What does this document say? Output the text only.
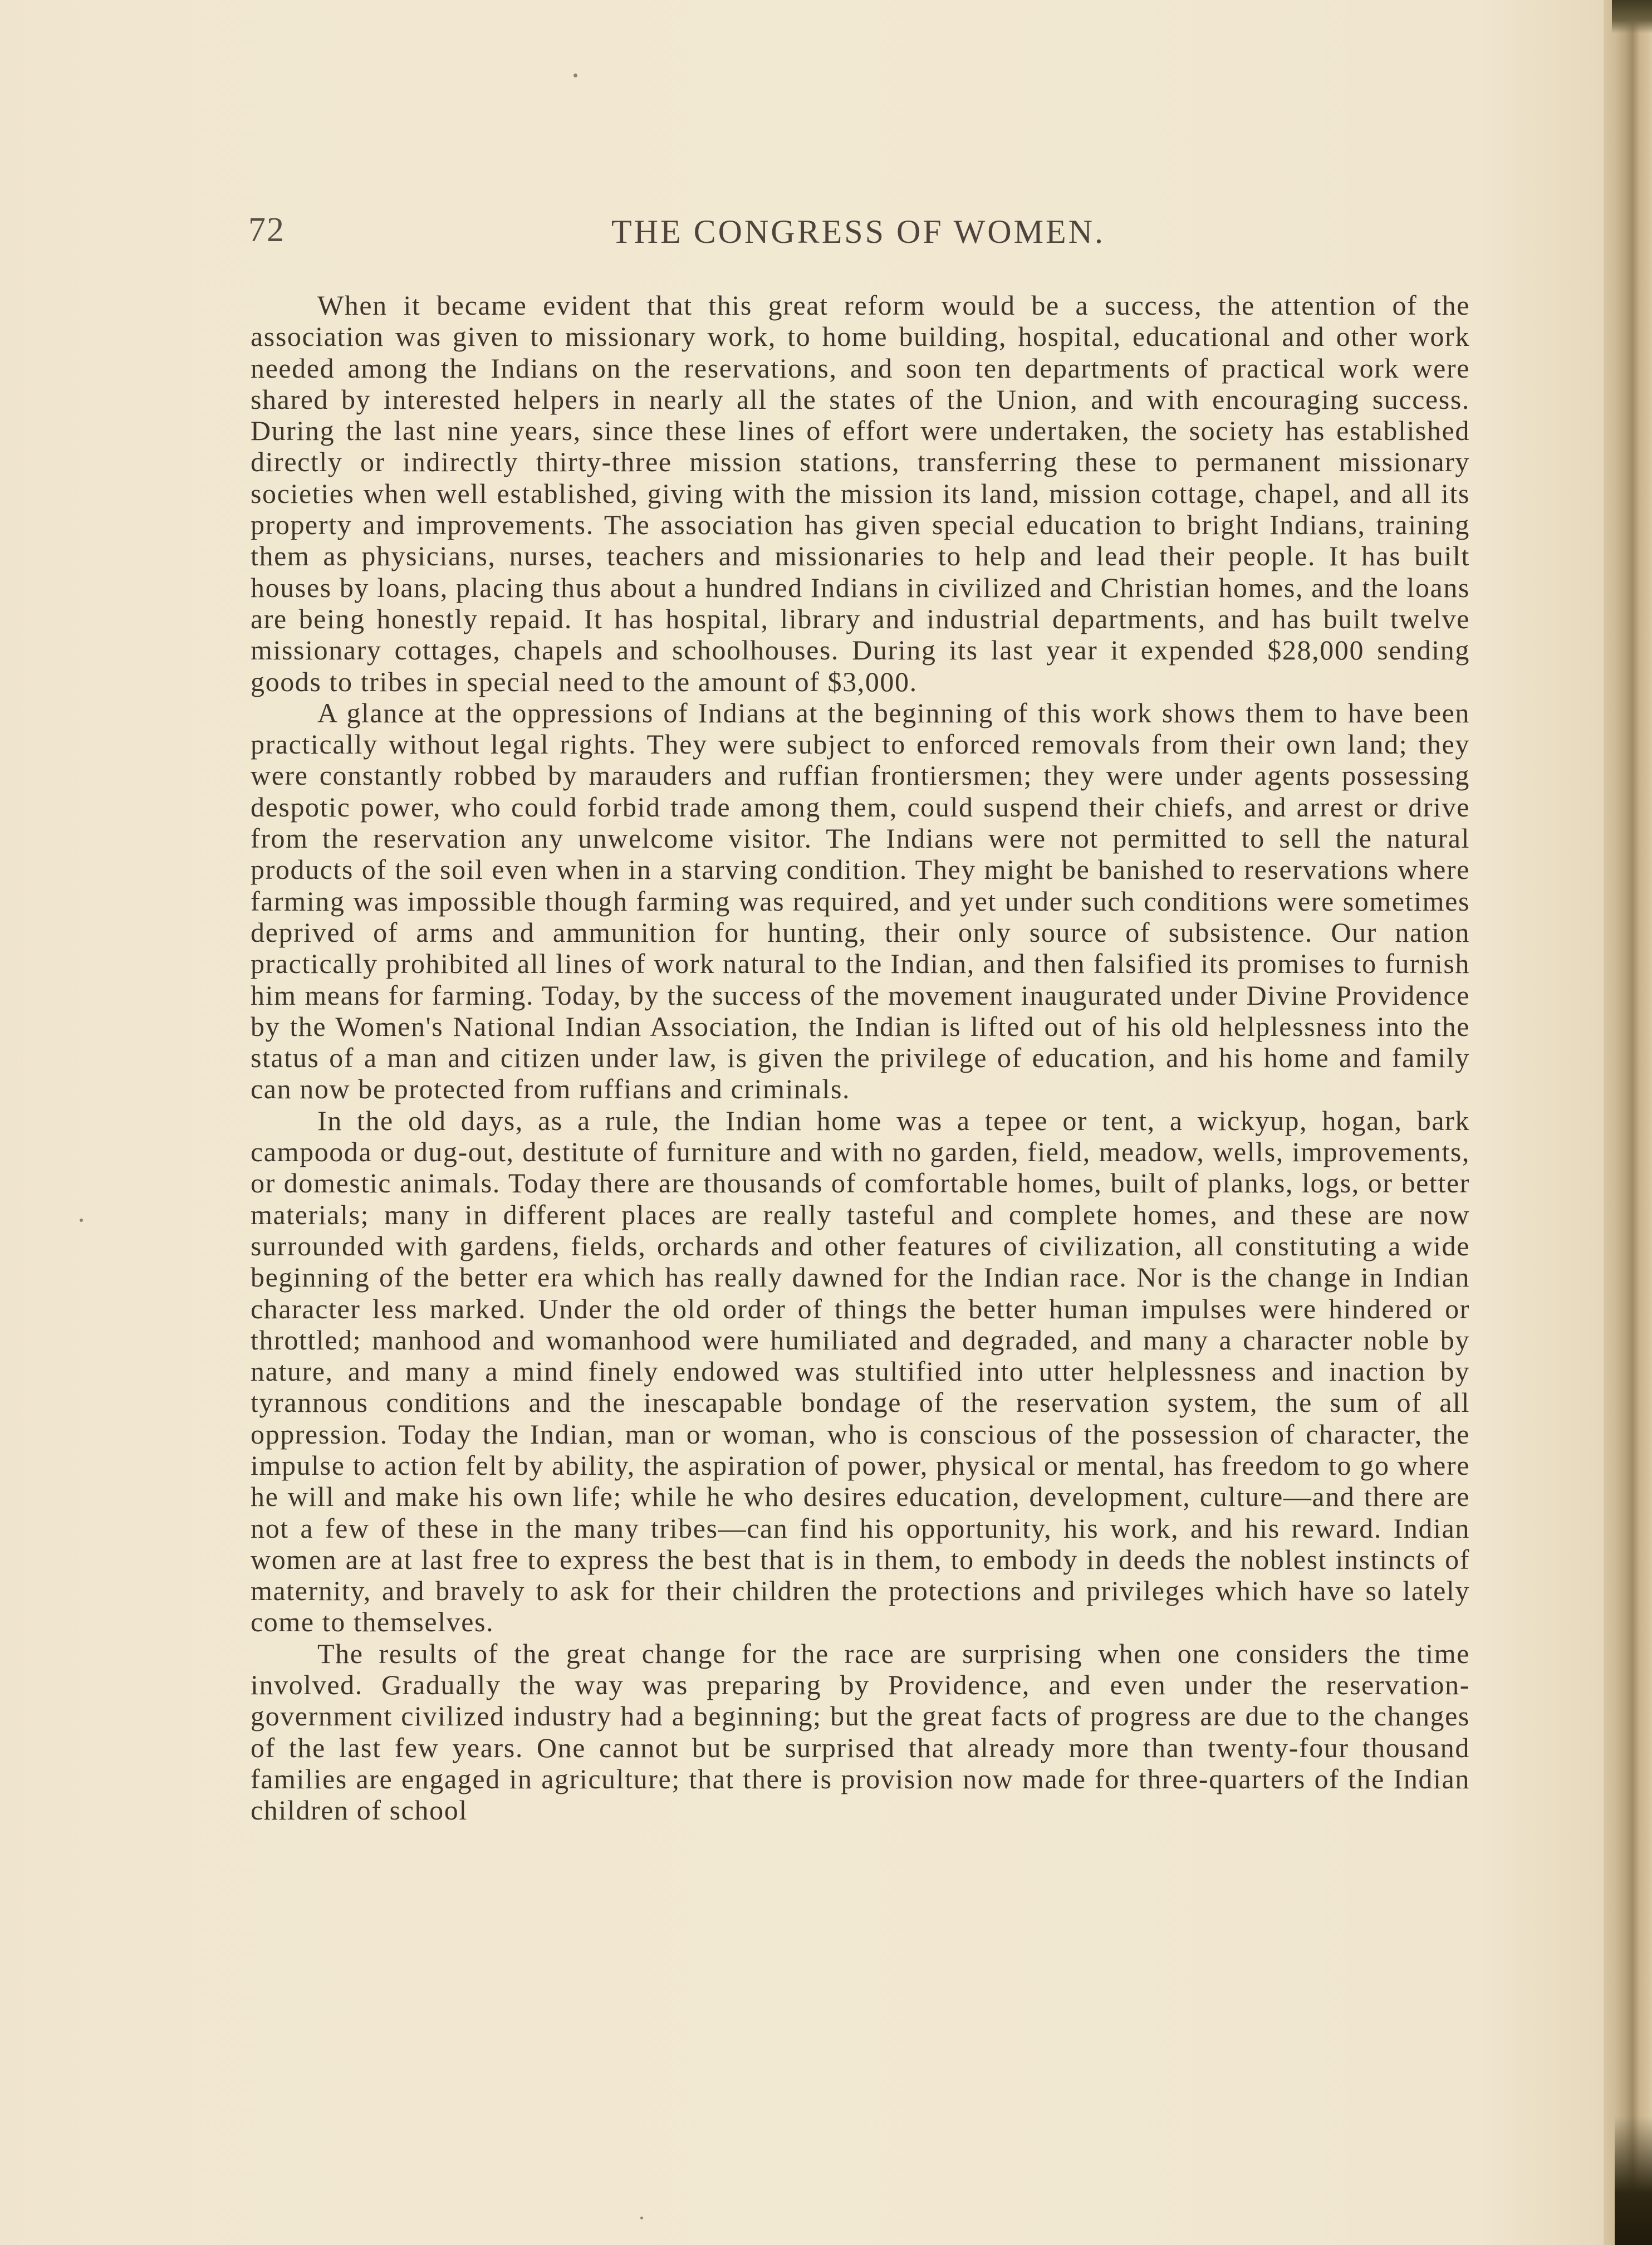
72	THE CONGRESS OF WOMEN.

When it became evident that this great reform would be a success, the attention of the association was given to missionary work, to home building, hospital, educational and other work needed among the Indians on the reservations, and soon ten departments of practical work were shared by interested helpers in nearly all the states of the Union, and with encouraging success. During the last nine years, since these lines of effort were undertaken, the society has established directly or indirectly thirty-three mission stations, transferring these to permanent missionary societies when well established, giving with the mission its land, mission cottage, chapel, and all its property and improvements. The association has given special education to bright Indians, training them as physicians, nurses, teachers and missionaries to help and lead their people. It has built houses by loans, placing thus about a hundred Indians in civilized and Christian homes, and the loans are being honestly repaid. It has hospital, library and industrial departments, and has built twelve missionary cottages, chapels and schoolhouses. During its last year it expended $28,000 sending goods to tribes in special need to the amount of $3,000.

A glance at the oppressions of Indians at the beginning of this work shows them to have been practically without legal rights. They were subject to enforced removals from their own land; they were constantly robbed by marauders and ruffian frontiersmen; they were under agents possessing despotic power, who could forbid trade among them, could suspend their chiefs, and arrest or drive from the reservation any unwelcome visitor. The Indians were not permitted to sell the natural products of the soil even when in a starving condition. They might be banished to reservations where farming was impossible though farming was required, and yet under such conditions were sometimes deprived of arms and ammunition for hunting, their only source of subsistence. Our nation practically prohibited all lines of work natural to the Indian, and then falsified its promises to furnish him means for farming. Today, by the success of the movement inaugurated under Divine Providence by the Women's National Indian Association, the Indian is lifted out of his old helplessness into the status of a man and citizen under law, is given the privilege of education, and his home and family can now be protected from ruffians and criminals.

In the old days, as a rule, the Indian home was a tepee or tent, a wickyup, hogan, bark campooda or dug-out, destitute of furniture and with no garden, field, meadow, wells, improvements, or domestic animals. Today there are thousands of comfortable homes, built of planks, logs, or better materials; many in different places are really tasteful and complete homes, and these are now surrounded with gardens, fields, orchards and other features of civilization, all constituting a wide beginning of the better era which has really dawned for the Indian race. Nor is the change in Indian character less marked. Under the old order of things the better human impulses were hindered or throttled; manhood and womanhood were humiliated and degraded, and many a character noble by nature, and many a mind finely endowed was stultified into utter helplessness and inaction by tyrannous conditions and the inescapable bondage of the reservation system, the sum of all oppression. Today the Indian, man or woman, who is conscious of the possession of character, the impulse to action felt by ability, the aspiration of power, physical or mental, has freedom to go where he will and make his own life; while he who desires education, development, culture—and there are not a few of these in the many tribes—can find his opportunity, his work, and his reward. Indian women are at last free to express the best that is in them, to embody in deeds the noblest instincts of maternity, and bravely to ask for their children the protections and privileges which have so lately come to themselves.

The results of the great change for the race are surprising when one considers the time involved. Gradually the way was preparing by Providence, and even under the reservation-government civilized industry had a beginning; but the great facts of progress are due to the changes of the last few years. One cannot but be surprised that already more than twenty-four thousand families are engaged in agriculture; that there is provision now made for three-quarters of the Indian children of school
